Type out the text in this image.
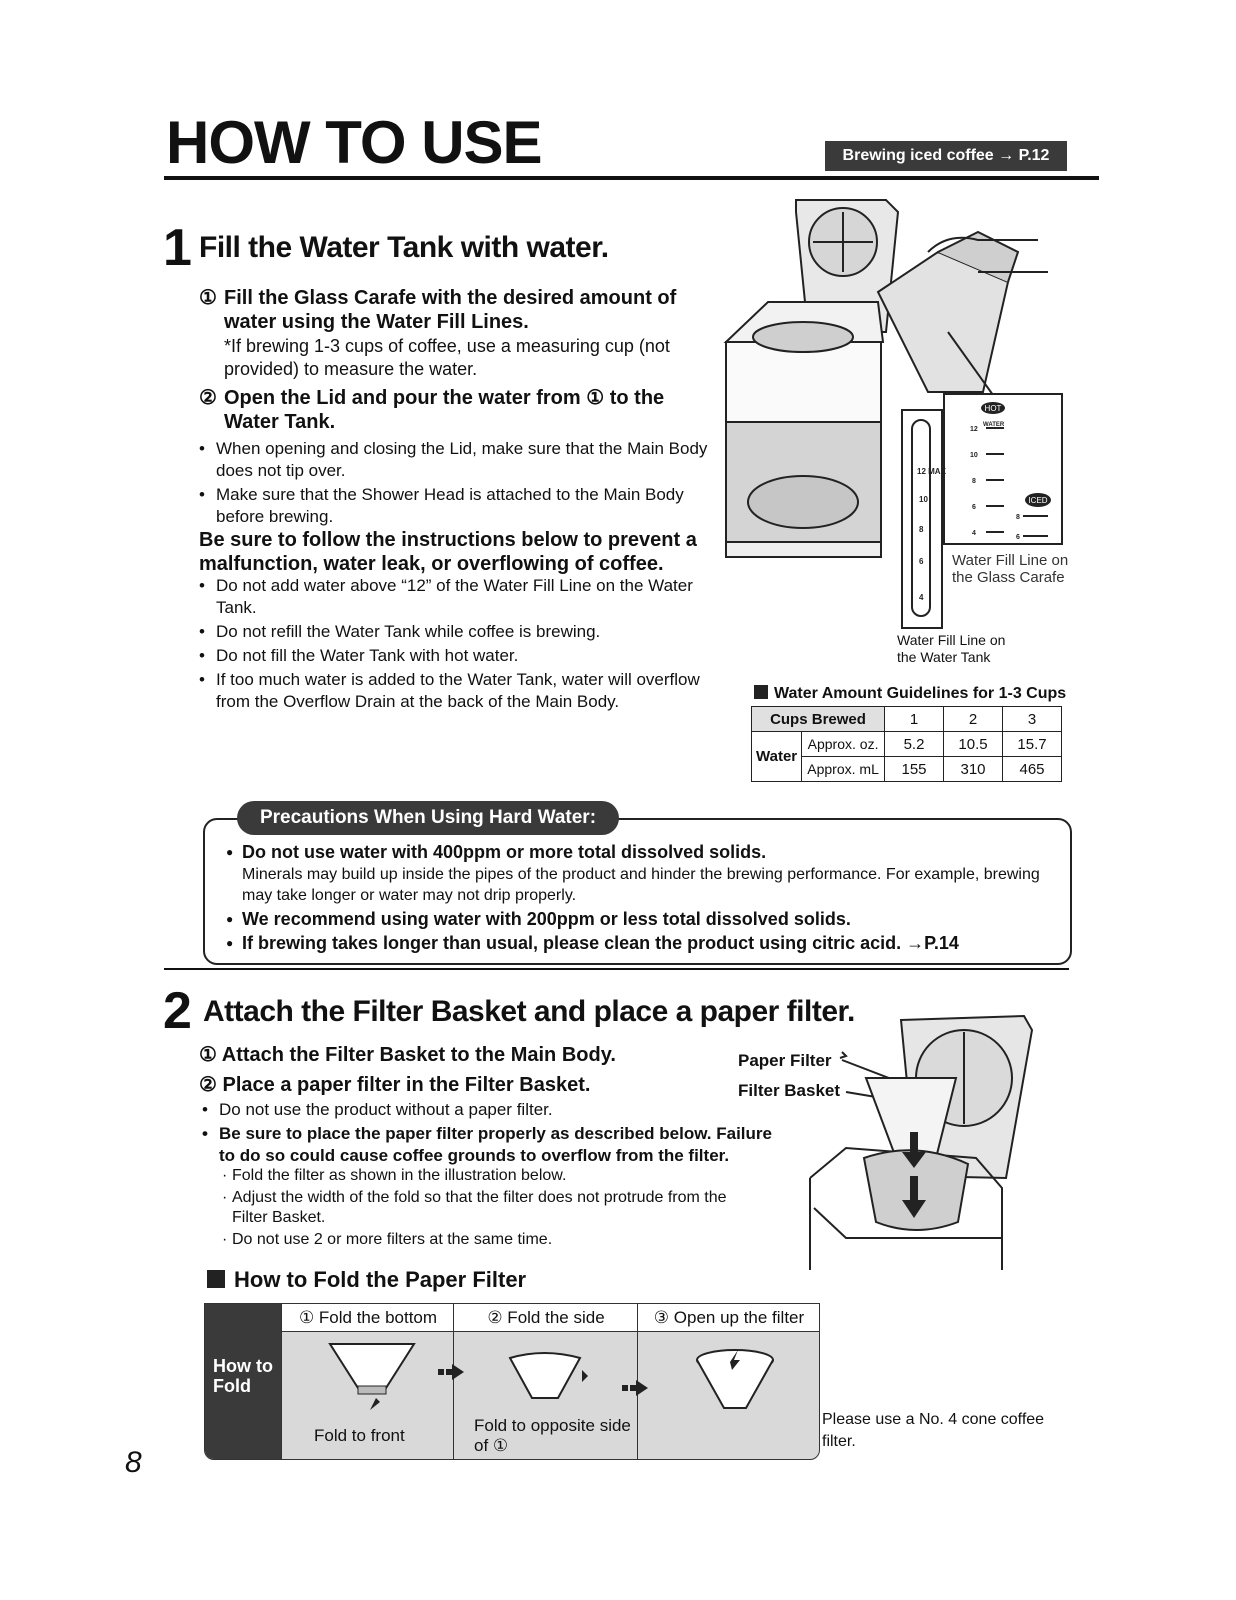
HOW TO USE	Brewing iced coffee → P.12
1 Fill the Water Tank with water.
① Fill the Glass Carafe with the desired amount of water using the Water Fill Lines.
*If brewing 1-3 cups of coffee, use a measuring cup (not provided) to measure the water.
② Open the Lid and pour the water from ① to the Water Tank.
• When opening and closing the Lid, make sure that the Main Body does not tip over.
• Make sure that the Shower Head is attached to the Main Body before brewing.
Be sure to follow the instructions below to prevent a malfunction, water leak, or overflowing of coffee.
• Do not add water above “12” of the Water Fill Line on the Water Tank.
• Do not refill the Water Tank while coffee is brewing.
• Do not fill the Water Tank with hot water.
• If too much water is added to the Water Tank, water will overflow from the Overflow Drain at the back of the Main Body.
12 MAX
10
8
6
4
HOT
WATER
12
10
8
6
4
8
6
ICED
Water Fill Line on the Glass Carafe
Water Fill Line on the Water Tank
Water Amount Guidelines for 1-3 Cups
Cups Brewed		1	2	3
Water	Approx. oz.	5.2	10.5	15.7
	Approx. mL	155	310	465
Precautions When Using Hard Water:
● Do not use water with 400ppm or more total dissolved solids.
Minerals may build up inside the pipes of the product and hinder the brewing performance. For example, brewing may take longer or water may not drip properly.
● We recommend using water with 200ppm or less total dissolved solids.
● If brewing takes longer than usual, please clean the product using citric acid. →P.14
2 Attach the Filter Basket and place a paper filter.
① Attach the Filter Basket to the Main Body.
② Place a paper filter in the Filter Basket.
• Do not use the product without a paper filter.
• Be sure to place the paper filter properly as described below. Failure to do so could cause coffee grounds to overflow from the filter.
· Fold the filter as shown in the illustration below.
· Adjust the width of the fold so that the filter does not protrude from the Filter Basket.
· Do not use 2 or more filters at the same time.
Paper Filter
Filter Basket
How to Fold the Paper Filter
How to Fold
① Fold the bottom
Fold to front
② Fold the side
Fold to opposite side of ①
③ Open up the filter
Please use a No. 4 cone coffee filter.
8
